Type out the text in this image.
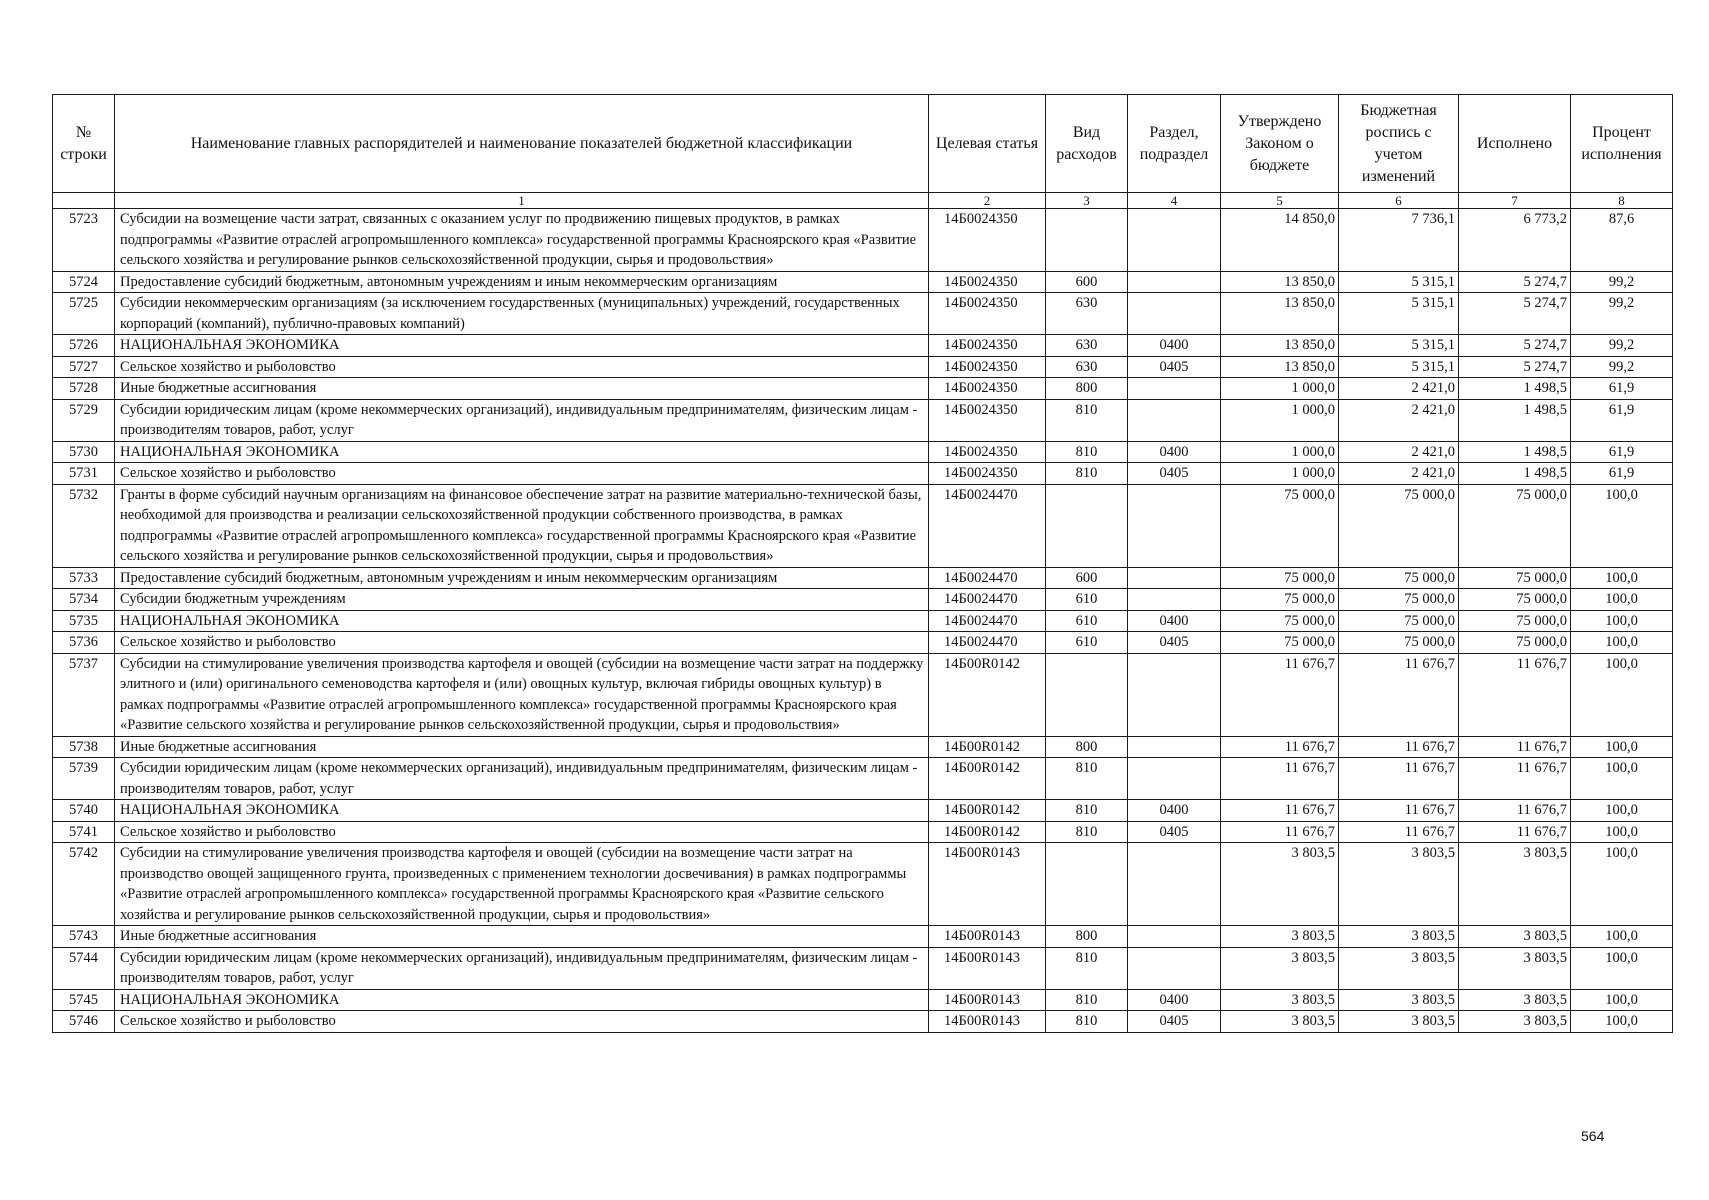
№ строки	Наименование главных распорядителей и наименование показателей бюджетной классификации	Целевая статья	Вид расходов	Раздел, подраздел	Утверждено Законом о бюджете	Бюджетная роспись с учетом изменений	Исполнено	Процент исполнения
	1	2	3	4	5	6	7	8
5723	Субсидии на возмещение части затрат, связанных с оказанием услуг по продвижению пищевых продуктов, в рамках подпрограммы «Развитие отраслей агропромышленного комплекса» государственной программы Красноярского края «Развитие сельского хозяйства и регулирование рынков сельскохозяйственной продукции, сырья и продовольствия»	14Б0024350			14 850,0	7 736,1	6 773,2	87,6
5724	Предоставление субсидий бюджетным, автономным учреждениям и иным некоммерческим организациям	14Б0024350	600		13 850,0	5 315,1	5 274,7	99,2
5725	Субсидии некоммерческим организациям (за исключением государственных (муниципальных) учреждений, государственных корпораций (компаний), публично-правовых компаний)	14Б0024350	630		13 850,0	5 315,1	5 274,7	99,2
5726	НАЦИОНАЛЬНАЯ ЭКОНОМИКА	14Б0024350	630	0400	13 850,0	5 315,1	5 274,7	99,2
5727	Сельское хозяйство и рыболовство	14Б0024350	630	0405	13 850,0	5 315,1	5 274,7	99,2
5728	Иные бюджетные ассигнования	14Б0024350	800		1 000,0	2 421,0	1 498,5	61,9
5729	Субсидии юридическим лицам (кроме некоммерческих организаций), индивидуальным предпринимателям, физическим лицам - производителям товаров, работ, услуг	14Б0024350	810		1 000,0	2 421,0	1 498,5	61,9
5730	НАЦИОНАЛЬНАЯ ЭКОНОМИКА	14Б0024350	810	0400	1 000,0	2 421,0	1 498,5	61,9
5731	Сельское хозяйство и рыболовство	14Б0024350	810	0405	1 000,0	2 421,0	1 498,5	61,9
5732	Гранты в форме субсидий научным организациям на финансовое обеспечение затрат на развитие материально-технической базы, необходимой для производства и реализации сельскохозяйственной продукции собственного производства, в рамках подпрограммы «Развитие отраслей агропромышленного комплекса» государственной программы Красноярского края «Развитие сельского хозяйства и регулирование рынков сельскохозяйственной продукции, сырья и продовольствия»	14Б0024470			75 000,0	75 000,0	75 000,0	100,0
5733	Предоставление субсидий бюджетным, автономным учреждениям и иным некоммерческим организациям	14Б0024470	600		75 000,0	75 000,0	75 000,0	100,0
5734	Субсидии бюджетным учреждениям	14Б0024470	610		75 000,0	75 000,0	75 000,0	100,0
5735	НАЦИОНАЛЬНАЯ ЭКОНОМИКА	14Б0024470	610	0400	75 000,0	75 000,0	75 000,0	100,0
5736	Сельское хозяйство и рыболовство	14Б0024470	610	0405	75 000,0	75 000,0	75 000,0	100,0
5737	Субсидии на стимулирование увеличения производства картофеля и овощей (субсидии на возмещение части затрат на поддержку элитного и (или) оригинального семеноводства картофеля и (или) овощных культур, включая гибриды овощных культур) в рамках подпрограммы «Развитие отраслей агропромышленного комплекса» государственной программы Красноярского края «Развитие сельского хозяйства и регулирование рынков сельскохозяйственной продукции, сырья и продовольствия»	14Б00R0142			11 676,7	11 676,7	11 676,7	100,0
5738	Иные бюджетные ассигнования	14Б00R0142	800		11 676,7	11 676,7	11 676,7	100,0
5739	Субсидии юридическим лицам (кроме некоммерческих организаций), индивидуальным предпринимателям, физическим лицам - производителям товаров, работ, услуг	14Б00R0142	810		11 676,7	11 676,7	11 676,7	100,0
5740	НАЦИОНАЛЬНАЯ ЭКОНОМИКА	14Б00R0142	810	0400	11 676,7	11 676,7	11 676,7	100,0
5741	Сельское хозяйство и рыболовство	14Б00R0142	810	0405	11 676,7	11 676,7	11 676,7	100,0
5742	Субсидии на стимулирование увеличения производства картофеля и овощей (субсидии на возмещение части затрат на производство овощей защищенного грунта, произведенных с применением технологии досвечивания) в рамках подпрограммы «Развитие отраслей агропромышленного комплекса» государственной программы Красноярского края «Развитие сельского хозяйства и регулирование рынков сельскохозяйственной продукции, сырья и продовольствия»	14Б00R0143			3 803,5	3 803,5	3 803,5	100,0
5743	Иные бюджетные ассигнования	14Б00R0143	800		3 803,5	3 803,5	3 803,5	100,0
5744	Субсидии юридическим лицам (кроме некоммерческих организаций), индивидуальным предпринимателям, физическим лицам - производителям товаров, работ, услуг	14Б00R0143	810		3 803,5	3 803,5	3 803,5	100,0
5745	НАЦИОНАЛЬНАЯ ЭКОНОМИКА	14Б00R0143	810	0400	3 803,5	3 803,5	3 803,5	100,0
5746	Сельское хозяйство и рыболовство	14Б00R0143	810	0405	3 803,5	3 803,5	3 803,5	100,0
564
